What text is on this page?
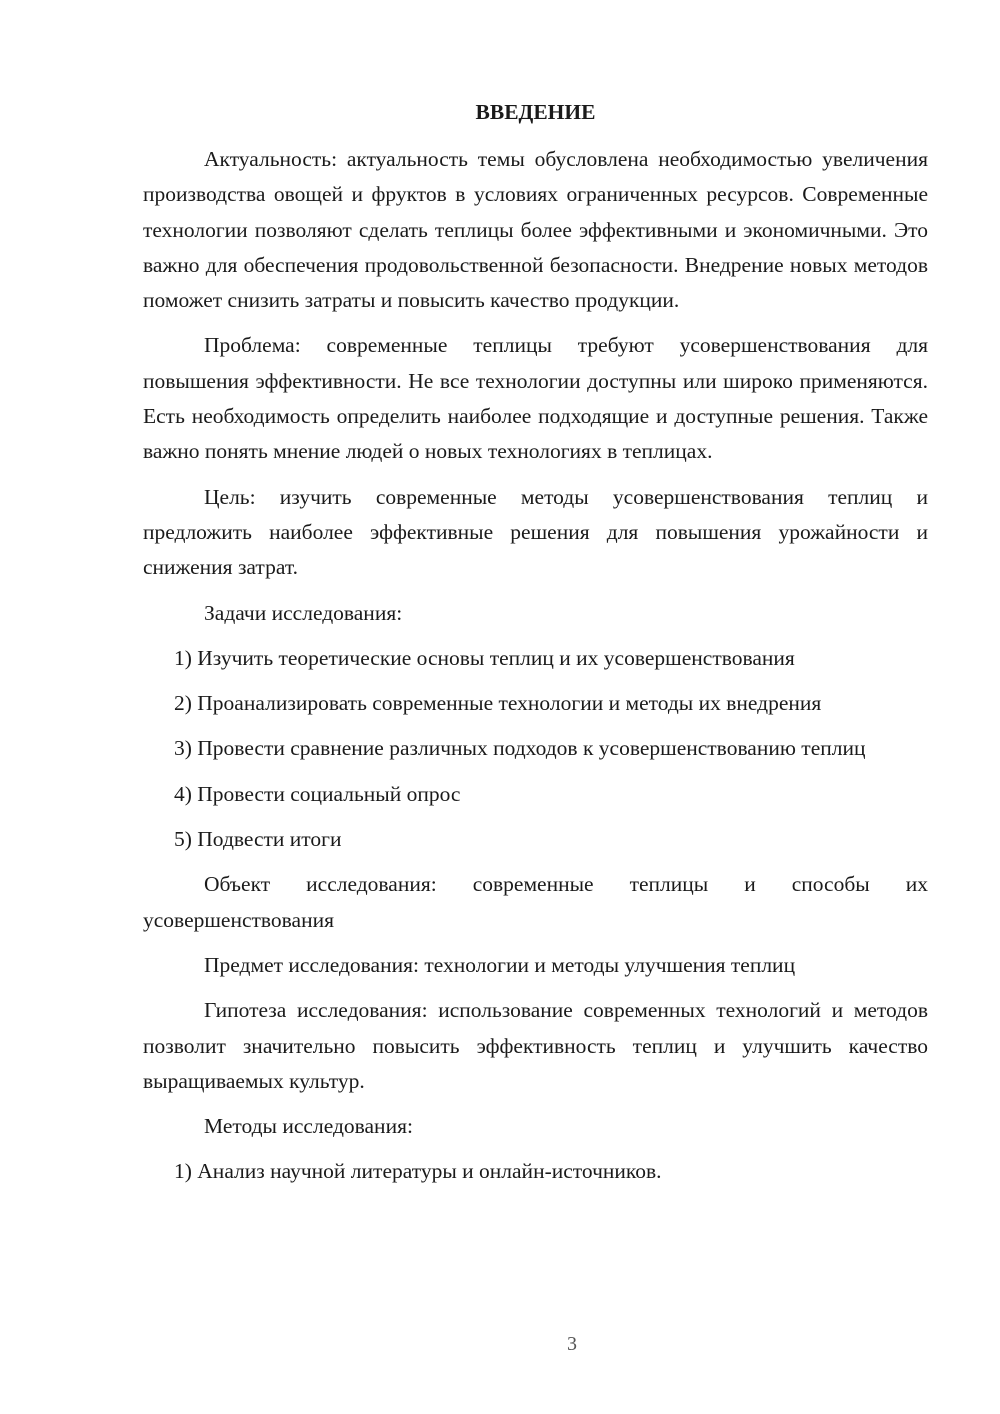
ВВЕДЕНИЕ

Актуальность: актуальность темы обусловлена необходимостью увеличения производства овощей и фруктов в условиях ограниченных ресурсов. Современные технологии позволяют сделать теплицы более эффективными и экономичными. Это важно для обеспечения продовольственной безопасности. Внедрение новых методов поможет снизить затраты и повысить качество продукции.

Проблема: современные теплицы требуют усовершенствования для повышения эффективности. Не все технологии доступны или широко применяются. Есть необходимость определить наиболее подходящие и доступные решения. Также важно понять мнение людей о новых технологиях в теплицах.

Цель: изучить современные методы усовершенствования теплиц и предложить наиболее эффективные решения для повышения урожайности и снижения затрат.

Задачи исследования:

1) Изучить теоретические основы теплиц и их усовершенствования

2) Проанализировать современные технологии и методы их внедрения

3) Провести сравнение различных подходов к усовершенствованию теплиц

4) Провести социальный опрос

5) Подвести итоги

Объект исследования: современные теплицы и способы их усовершенствования

Предмет исследования: технологии и методы улучшения теплиц

Гипотеза исследования: использование современных технологий и методов позволит значительно повысить эффективность теплиц и улучшить качество выращиваемых культур.

Методы исследования:

1) Анализ научной литературы и онлайн-источников.

3
